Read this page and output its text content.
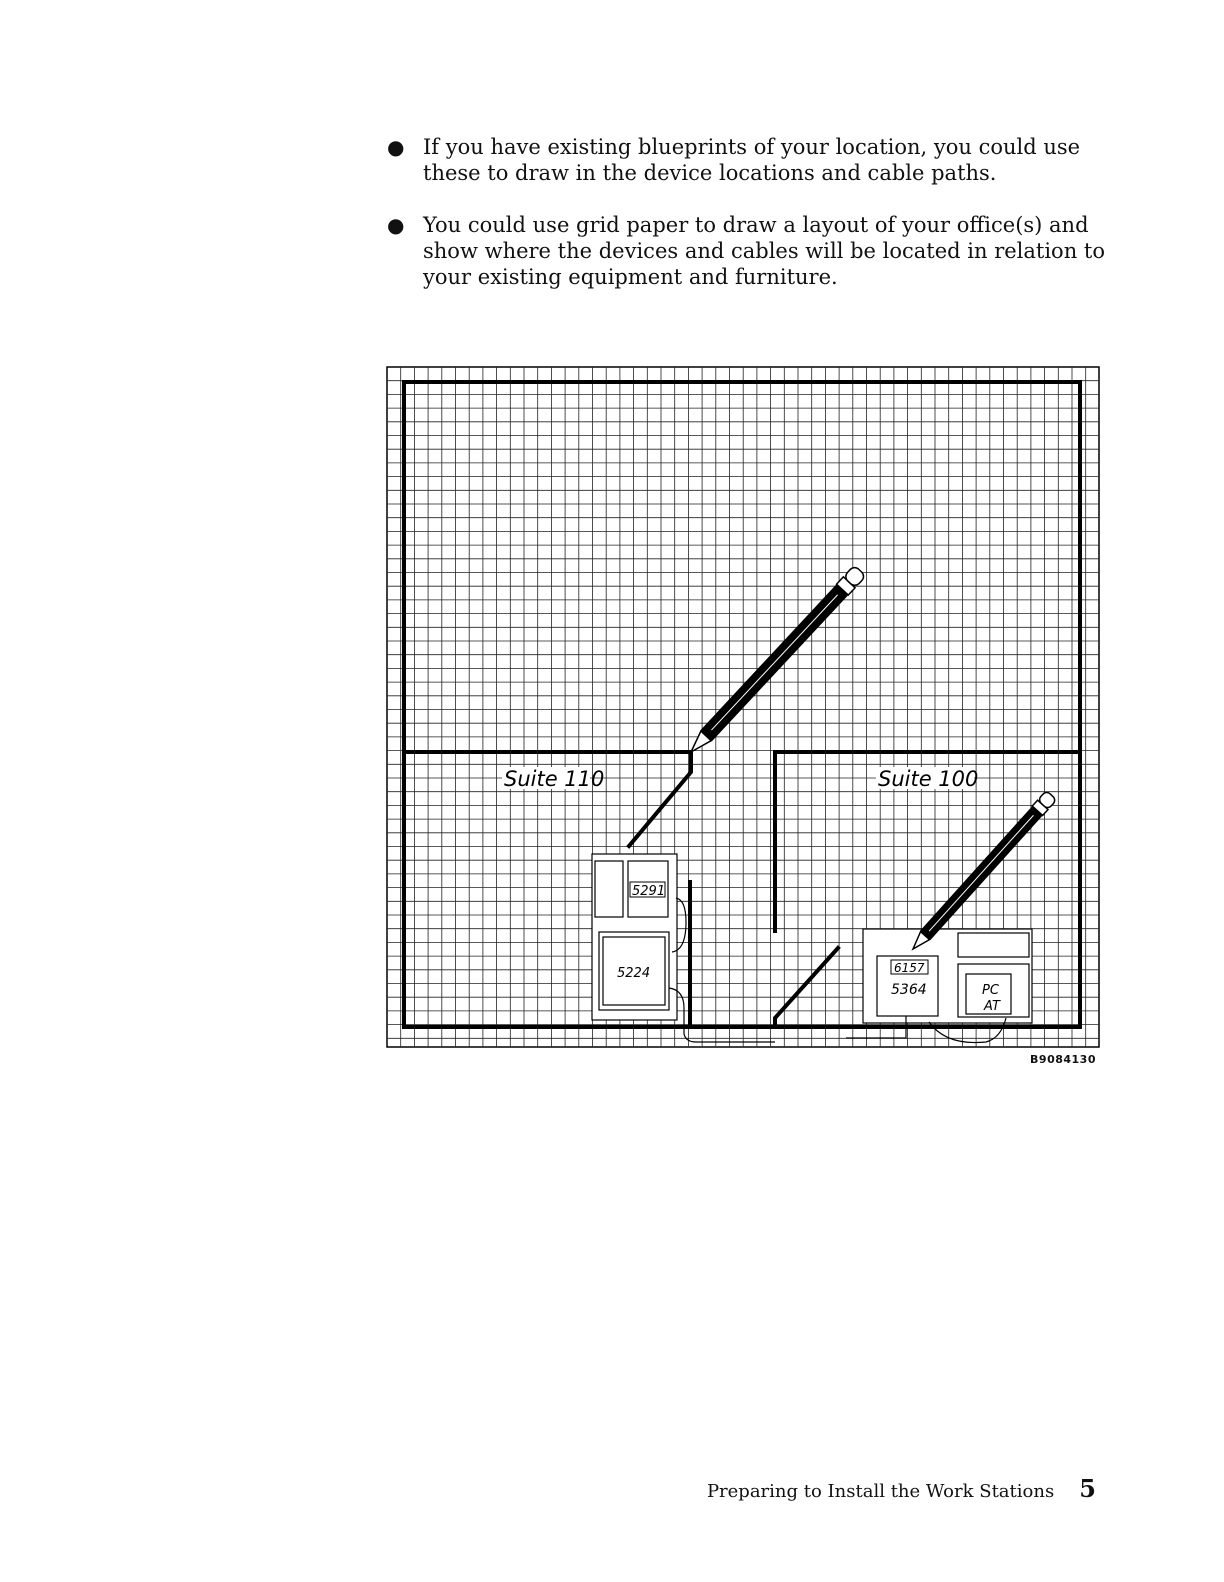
● If you have existing blueprints of your location, you could use these to draw in the device locations and cable paths.
● You could use grid paper to draw a layout of your office(s) and show where the devices and cables will be located in relation to your existing equipment and furniture.
Suite 110	Suite 100
5291
5224	6157
5364	PC
AT
B9084130
Preparing to Install the Work Stations 5
